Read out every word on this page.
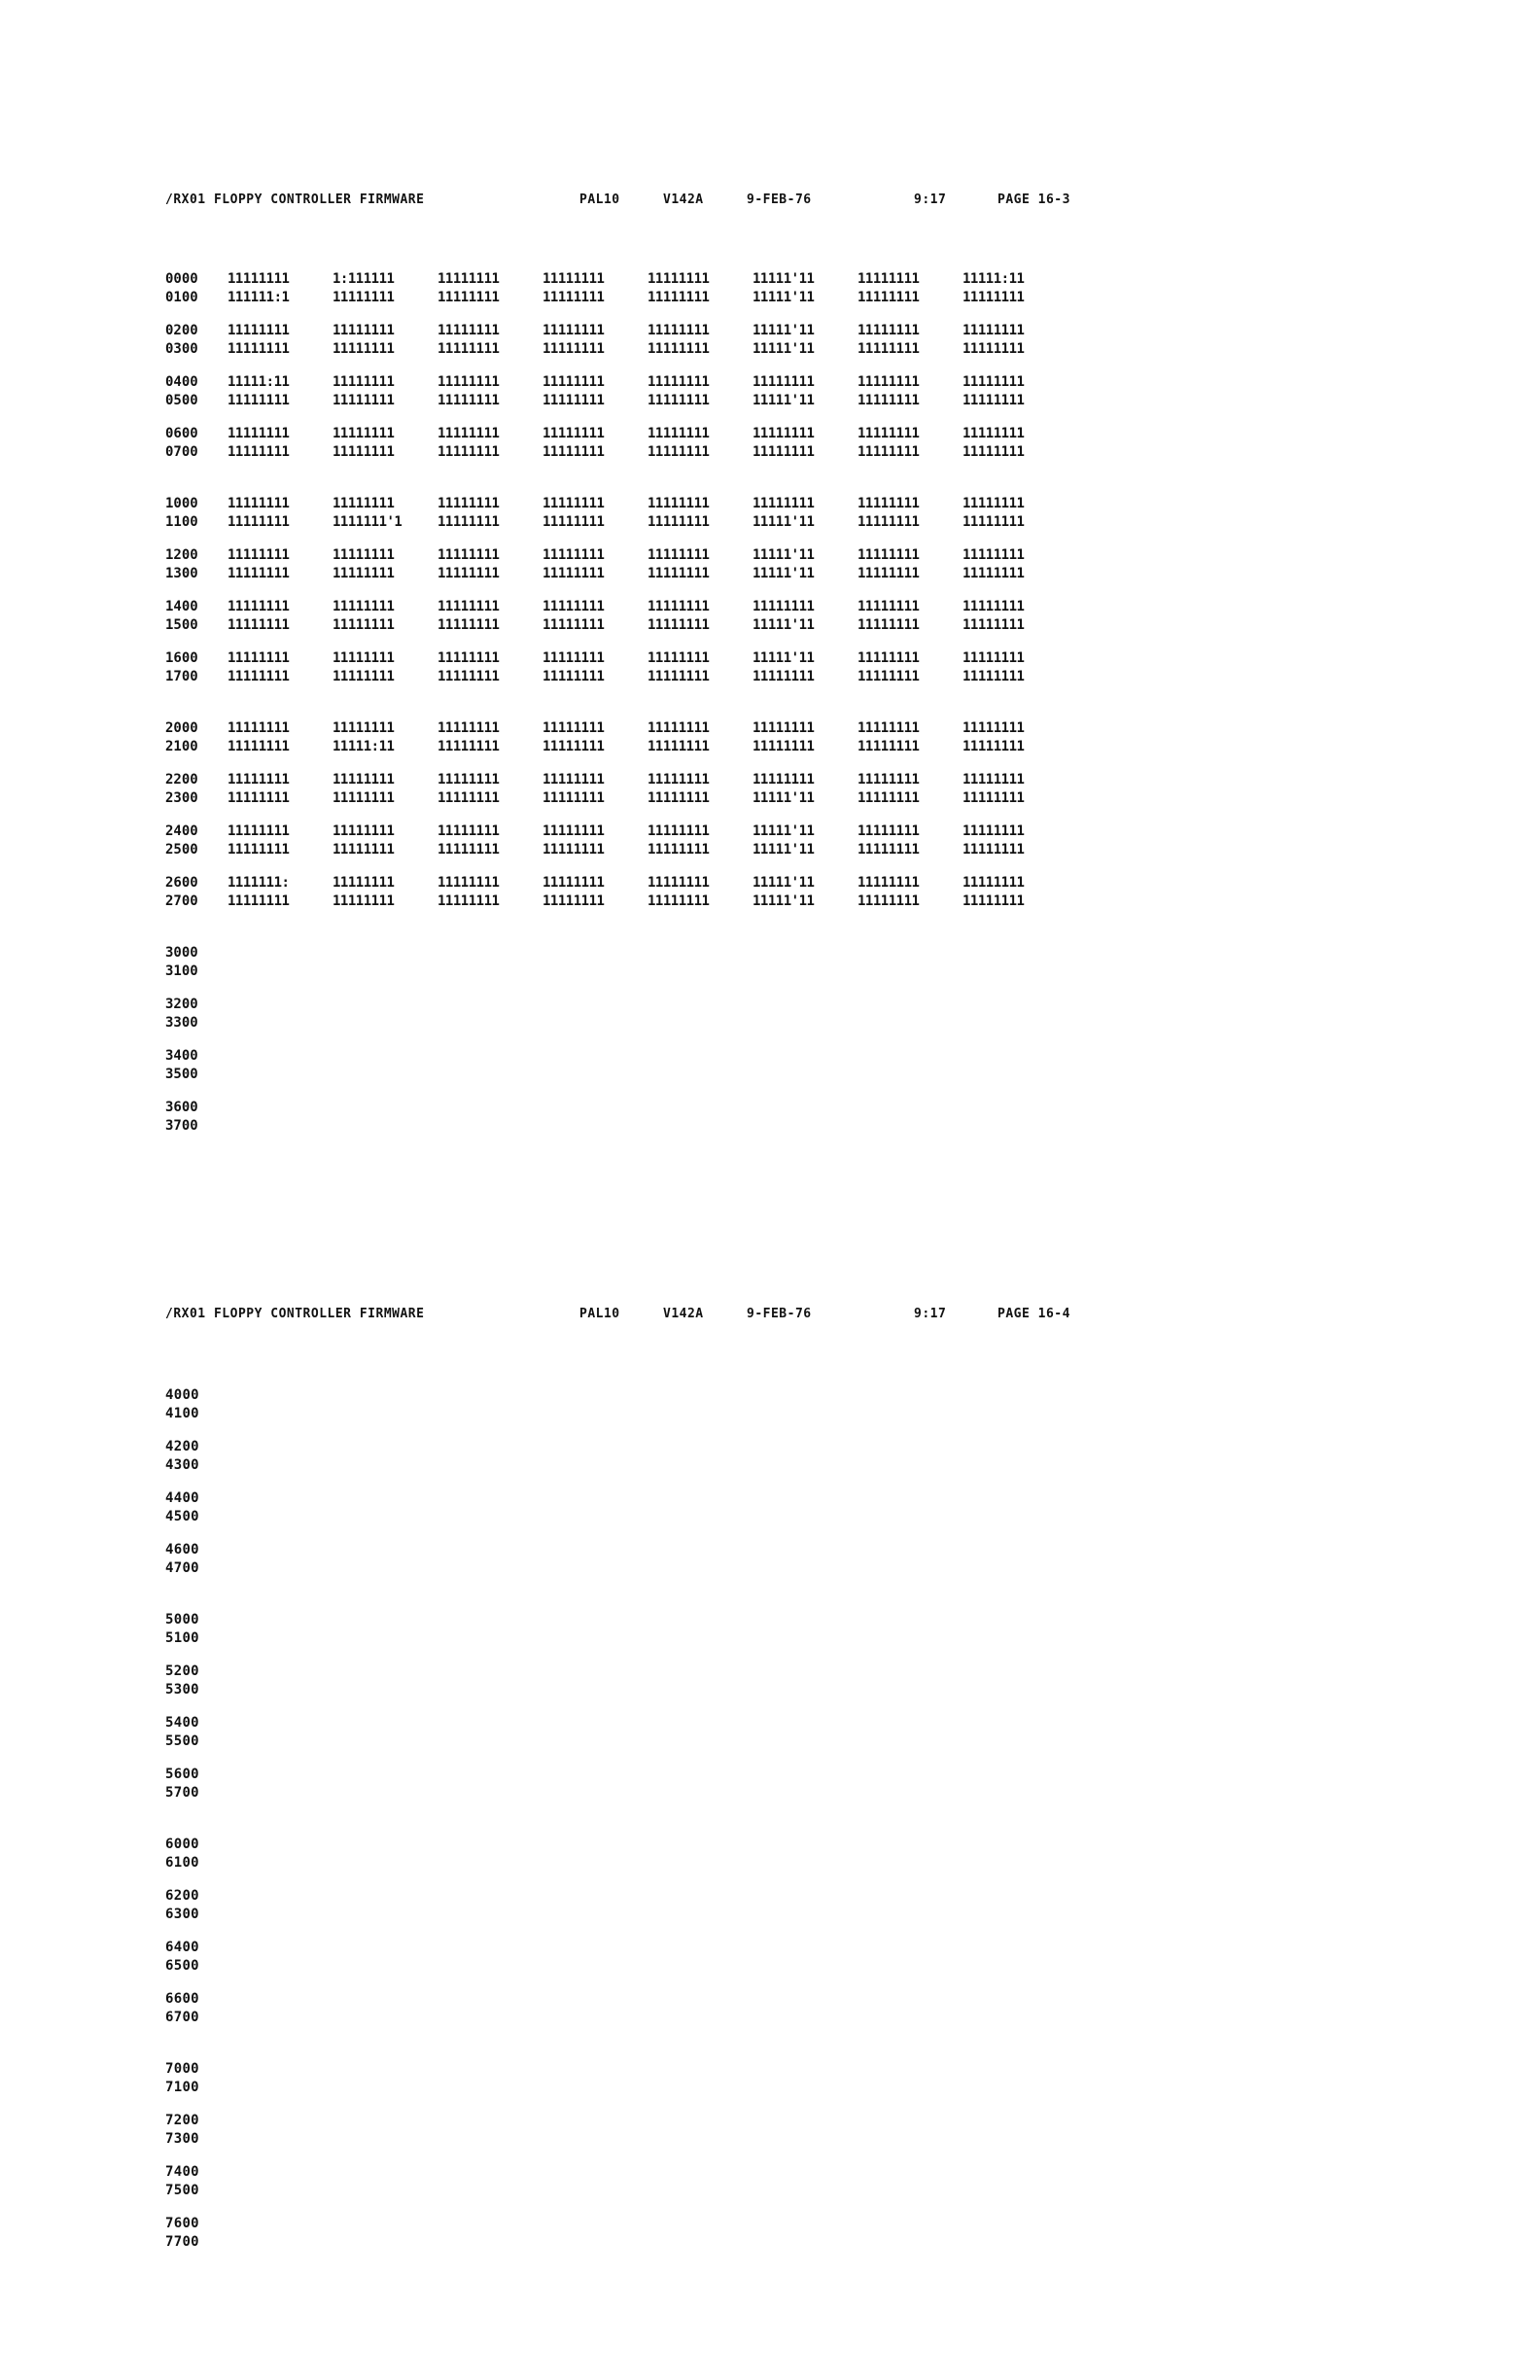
/RX01 FLOPPY CONTROLLER FIRMWARE	PAL10	V142A	9-FEB-76	9:17	PAGE 16-3
0000	11111111	1:111111	11111111	11111111	11111111	11111'11	11111111	11111:11
0100	111111:1	11111111	11111111	11111111	11111111	11111'11	11111111	11111111
0200	11111111	11111111	11111111	11111111	11111111	11111'11	11111111	11111111
0300	11111111	11111111	11111111	11111111	11111111	11111'11	11111111	11111111
0400	11111:11	11111111	11111111	11111111	11111111	11111111	11111111	11111111
0500	11111111	11111111	11111111	11111111	11111111	11111'11	11111111	11111111
0600	11111111	11111111	11111111	11111111	11111111	11111111	11111111	11111111
0700	11111111	11111111	11111111	11111111	11111111	11111111	11111111	11111111
1000	11111111	11111111	11111111	11111111	11111111	11111111	11111111	11111111
1100	11111111	1111111'1	11111111	11111111	11111111	11111'11	11111111	11111111
1200	11111111	11111111	11111111	11111111	11111111	11111'11	11111111	11111111
1300	11111111	11111111	11111111	11111111	11111111	11111'11	11111111	11111111
1400	11111111	11111111	11111111	11111111	11111111	11111111	11111111	11111111
1500	11111111	11111111	11111111	11111111	11111111	11111'11	11111111	11111111
1600	11111111	11111111	11111111	11111111	11111111	11111'11	11111111	11111111
1700	11111111	11111111	11111111	11111111	11111111	11111111	11111111	11111111
2000	11111111	11111111	11111111	11111111	11111111	11111111	11111111	11111111
2100	11111111	11111:11	11111111	11111111	11111111	11111111	11111111	11111111
2200	11111111	11111111	11111111	11111111	11111111	11111111	11111111	11111111
2300	11111111	11111111	11111111	11111111	11111111	11111'11	11111111	11111111
2400	11111111	11111111	11111111	11111111	11111111	11111'11	11111111	11111111
2500	11111111	11111111	11111111	11111111	11111111	11111'11	11111111	11111111
2600	1111111:	11111111	11111111	11111111	11111111	11111'11	11111111	11111111
2700	11111111	11111111	11111111	11111111	11111111	11111'11	11111111	11111111
3000
3100
3200
3300
3400
3500
3600
3700
/RX01 FLOPPY CONTROLLER FIRMWARE	PAL10	V142A	9-FEB-76	9:17	PAGE 16-4
4000
4100
4200
4300
4400
4500
4600
4700
5000
5100
5200
5300
5400
5500
5600
5700
6000
6100
6200
6300
6400
6500
6600
6700
7000
7100
7200
7300
7400
7500
7600
7700
